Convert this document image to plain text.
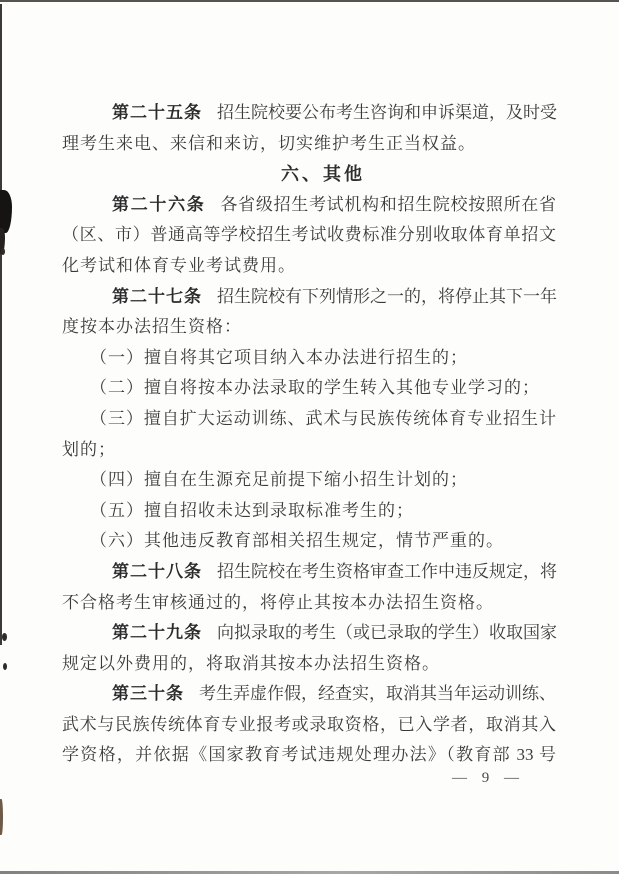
第二十五条 招生院校要公布考生咨询和申诉渠道，及时受
理考生来电、来信和来访，切实维护考生正当权益。
六、其他
第二十六条 各省级招生考试机构和招生院校按照所在省
（区、市）普通高等学校招生考试收费标准分别收取体育单招文
化考试和体育专业考试费用。
第二十七条 招生院校有下列情形之一的，将停止其下一年
度按本办法招生资格：
（一）擅自将其它项目纳入本办法进行招生的；
（二）擅自将按本办法录取的学生转入其他专业学习的；
（三）擅自扩大运动训练、武术与民族传统体育专业招生计
划的；
（四）擅自在生源充足前提下缩小招生计划的；
（五）擅自招收未达到录取标准考生的；
（六）其他违反教育部相关招生规定，情节严重的。
第二十八条 招生院校在考生资格审查工作中违反规定，将
不合格考生审核通过的，将停止其按本办法招生资格。
第二十九条 向拟录取的考生（或已录取的学生）收取国家
规定以外费用的，将取消其按本办法招生资格。
第三十条 考生弄虚作假，经查实，取消其当年运动训练、
武术与民族传统体育专业报考或录取资格，已入学者，取消其入
学资格，并依据《国家教育考试违规处理办法》（教育部 33 号
— 9 —
